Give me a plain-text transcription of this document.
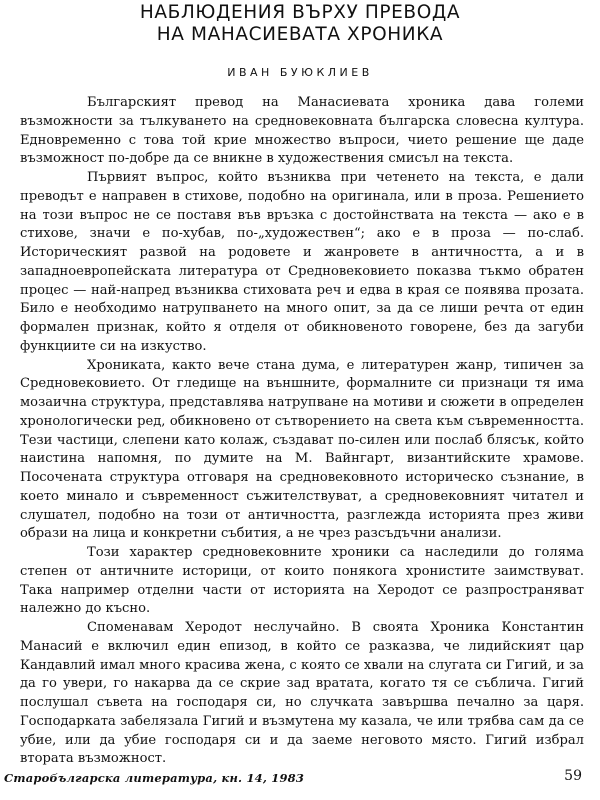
НАБЛЮДЕНИЯ ВЪРХУ ПРЕВОДА
НА МАНАСИЕВАТА ХРОНИКА
ИВАН БУЮКЛИЕВ

Българският превод на Манасиевата хроника дава големи възможности за тълкуването на средновековната българска словесна култура. Едновременно с това той крие множество въпроси, чието решение ще даде възможност по-добре да се вникне в художествения смисъл на текста.

Първият въпрос, който възниква при четенето на текста, е дали преводът е направен в стихове, подобно на оригинала, или в проза. Решението на този въпрос не се поставя във връзка с достойнствата на текста — ако е в стихове, значи е по-хубав, по-„художествен“; ако е в проза — по-слаб. Историческият развой на родовете и жанровете в античността, а и в западноевропейската литература от Средновековието показва тъкмо обратен процес — най-напред възниква стиховата реч и едва в края се появява прозата. Било е необходимо натрупването на много опит, за да се лиши речта от един формален признак, който я отделя от обикновеното говорене, без да загуби функциите си на изкуство.

Хрониката, както вече стана дума, е литературен жанр, типичен за Средновековието. От гледище на външните, формалните си признаци тя има мозаична структура, представлява натрупване на мотиви и сюжети в определен хронологически ред, обикновено от сътворението на света към съвременността. Тези частици, слепени като колаж, създават по-силен или послаб блясък, който наистина напомня, по думите на М. Вайнгарт, византийските храмове. Посочената структура отговаря на средновековното историческо съзнание, в което минало и съвременност съжителствуват, а средновековният читател и слушател, подобно на този от античността, разглежда историята през живи образи на лица и конкретни събития, а не чрез разсъдъчни анализи.

Този характер средновековните хроники са наследили до голяма степен от античните историци, от които понякога хронистите заимствуват. Така например отделни части от историята на Херодот се разпространяват належно до късно.

Споменавам Херодот неслучайно. В своята Хроника Константин Манасий е включил един епизод, в който се разказва, че лидийският цар Кандавлий имал много красива жена, с която се хвали на слугата си Гигий, и за да го увери, го накарва да се скрие зад вратата, когато тя се съблича. Гигий послушал съвета на господаря си, но случката завършва печално за царя. Господарката забелязала Гигий и възмутена му казала, че или трябва сам да се убие, или да убие господаря си и да заеме неговото място. Гигий избрал втората възможност.

Старобългарска литература, кн. 14, 1983	59
